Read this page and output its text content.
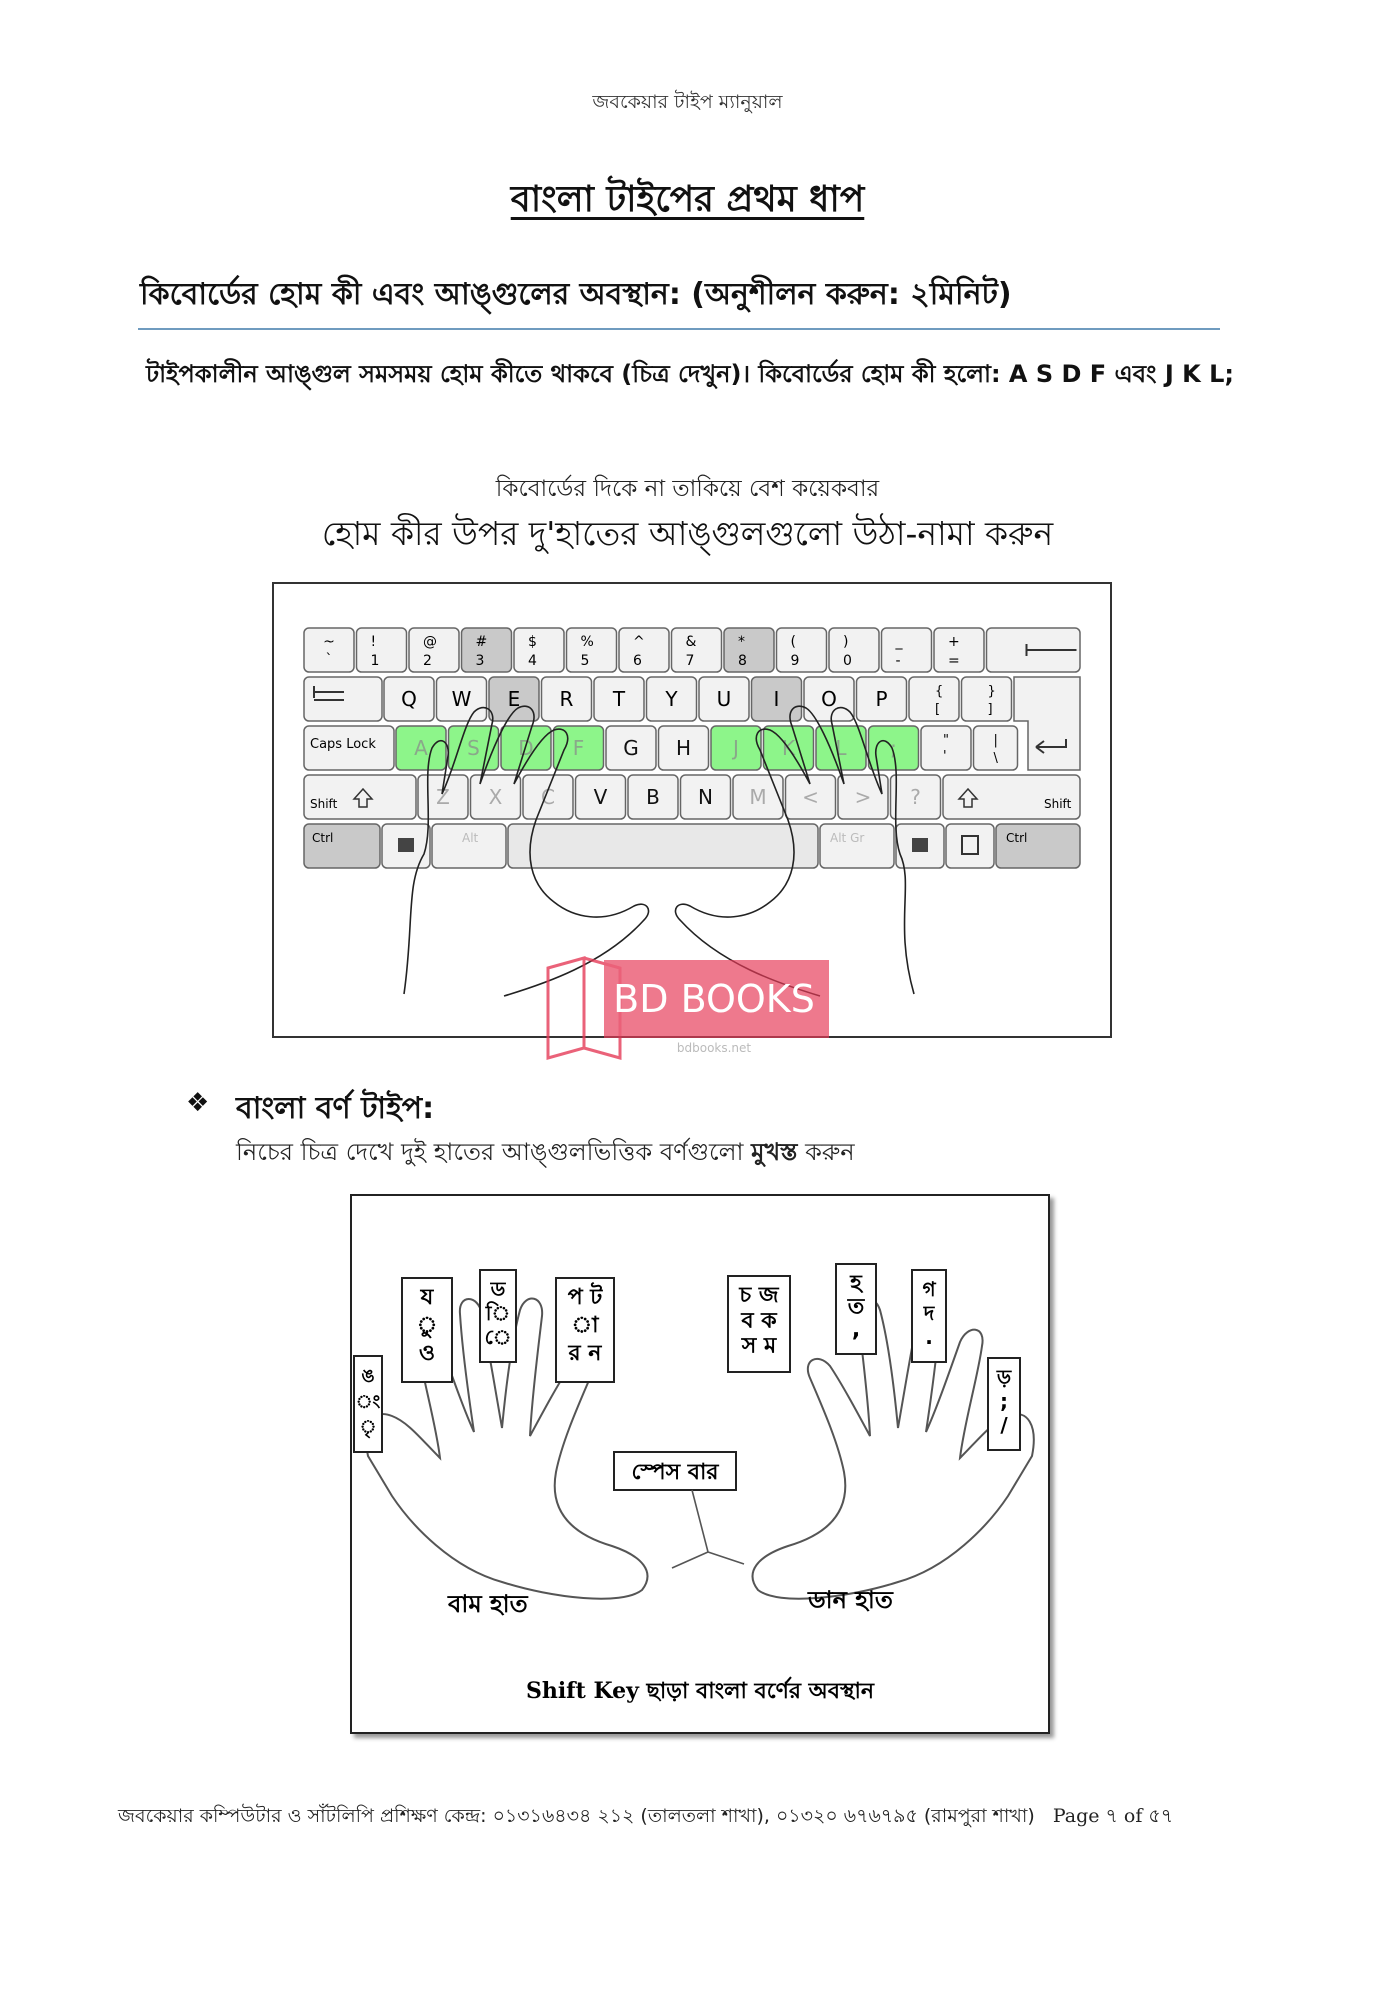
জবকেয়ার টাইপ ম্যানুয়াল
বাংলা টাইপের প্রথম ধাপ
কিবোর্ডের হোম কী এবং আঙ্গুলের অবস্থান: (অনুশীলন করুন: ২মিনিট)
টাইপকালীন আঙ্গুল সমসময় হোম কীতে থাকবে (চিত্র দেখুন)। কিবোর্ডের হোম কী হলো: A S D F এবং J K L;
কিবোর্ডের দিকে না তাকিয়ে বেশ কয়েকবার
হোম কীর উপর দু'হাতের আঙ্গুলগুলো উঠা-নামা করুন
~
`
!
1
@
2
#
3
$
4
%
5
^
6
&
7
*
8
(
9
)
0
_
-
+
=
Q W E R T Y U I O P	{
[
}
]
Caps Lock A S D F G H J K L ;	"
'
|
\
Shift	Z X C V B N M < > ?	Shift
Ctrl	Alt	Alt Gr	Ctrl
BD BOOKS
bdbooks.net
❖ বাংলা বর্ণ টাইপ:
নিচের চিত্র দেখে দুই হাতের আঙ্গুলভিত্তিক বর্ণগুলো মুখস্ত করুন
ঙ
ং
ৃ
য
ু
ও
ড
ি
ে
প ট
া
র ন
চ জ
ব ক
স ম
হ
ত
,
গ
দ
.
ড়
;
/
স্পেস বার
বাম হাত	ডান হাত
Shift Key ছাড়া বাংলা বর্ণের অবস্থান
জবকেয়ার কম্পিউটার ও সাঁটলিপি প্রশিক্ষণ কেন্দ্র: ০১৩১৬৪৩৪ ২১২ (তালতলা শাখা), ০১৩২০ ৬৭৬৭৯৫ (রামপুরা শাখা) Page ৭ of ৫৭
